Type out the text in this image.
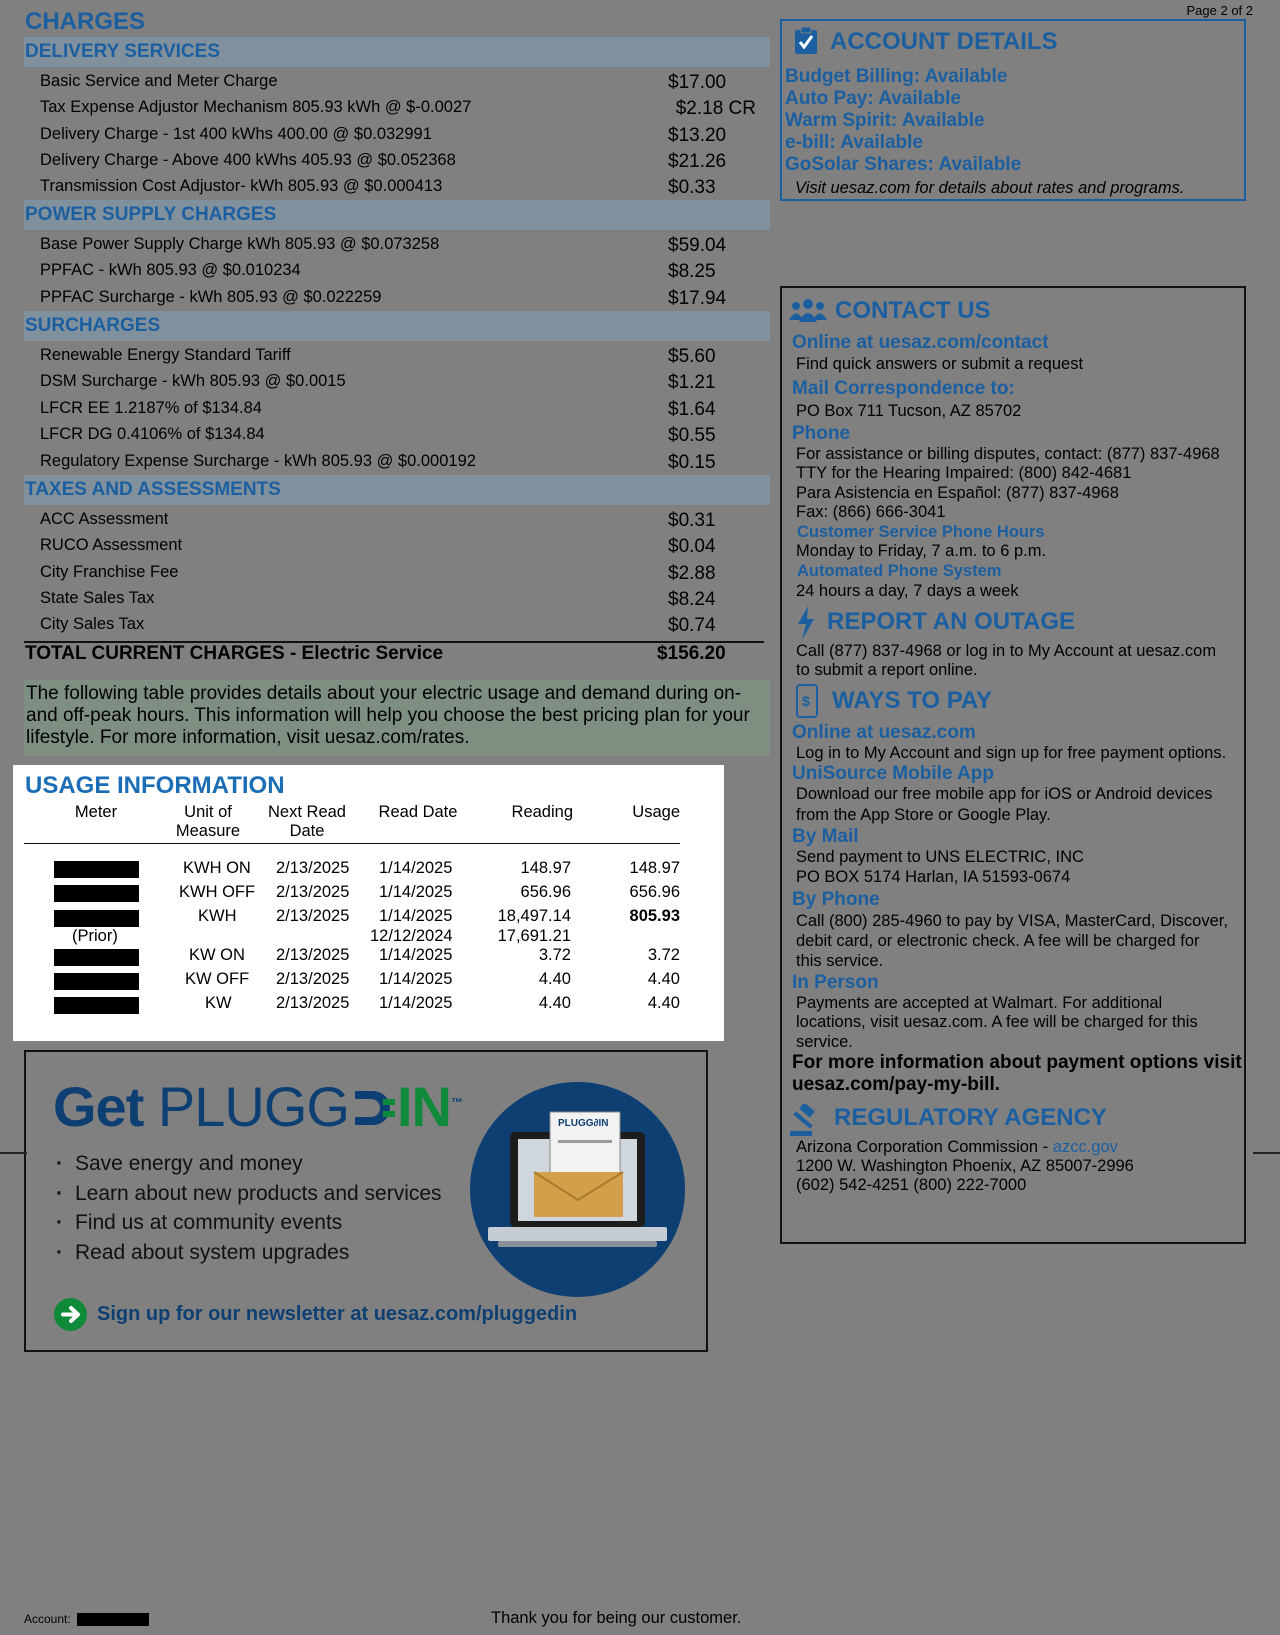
Page 2 of 2
CHARGES
DELIVERY SERVICES
Basic Service and Meter Charge	$17.00
Tax Expense Adjustor Mechanism 805.93 kWh @ $-0.0027	$2.18 CR
Delivery Charge - 1st 400 kWhs 400.00 @ $0.032991	$13.20
Delivery Charge - Above 400 kWhs 405.93 @ $0.052368	$21.26
Transmission Cost Adjustor- kWh 805.93 @ $0.000413	$0.33
POWER SUPPLY CHARGES
Base Power Supply Charge kWh 805.93 @ $0.073258	$59.04
PPFAC - kWh 805.93 @ $0.010234	$8.25
PPFAC Surcharge - kWh 805.93 @ $0.022259	$17.94
SURCHARGES
Renewable Energy Standard Tariff	$5.60
DSM Surcharge - kWh 805.93 @ $0.0015	$1.21
LFCR EE 1.2187% of $134.84	$1.64
LFCR DG 0.4106% of $134.84	$0.55
Regulatory Expense Surcharge - kWh 805.93 @ $0.000192	$0.15
TAXES AND ASSESSMENTS
ACC Assessment	$0.31
RUCO Assessment	$0.04
City Franchise Fee	$2.88
State Sales Tax	$8.24
City Sales Tax	$0.74
TOTAL CURRENT CHARGES - Electric Service	$156.20
The following table provides details about your electric usage and demand during on- and off-peak hours. This information will help you choose the best pricing plan for your lifestyle. For more information, visit uesaz.com/rates.
USAGE INFORMATION
Meter	Unit of
Measure
Next Read
Date
Read Date	Reading	Usage
KWH ON 2/13/2025 1/14/2025	148.97	148.97
KWH OFF 2/13/2025 1/14/2025	656.96	656.96
KWH 2/13/2025 1/14/2025	18,497.14	805.93
(Prior)	12/12/2024	17,691.21
KW ON 2/13/2025 1/14/2025	3.72	3.72
KW OFF 2/13/2025 1/14/2025	4.40	4.40
KW	2/13/2025 1/14/2025	4.40	4.40
Get PLUGG IN™
· Save energy and money
· Learn about new products and services
· Find us at community events
· Read about system upgrades
Sign up for our newsletter at uesaz.com/pluggedin
PLUGG∂IN
ACCOUNT DETAILS
Budget Billing: Available
Auto Pay: Available
Warm Spirit: Available
e-bill: Available
GoSolar Shares: Available
Visit uesaz.com for details about rates and programs.
CONTACT US
Online at uesaz.com/contact
Find quick answers or submit a request
Mail Correspondence to:
PO Box 711 Tucson, AZ 85702
Phone
For assistance or billing disputes, contact: (877) 837-4968
TTY for the Hearing Impaired: (800) 842-4681
Para Asistencia en Español: (877) 837-4968
Fax: (866) 666-3041
Customer Service Phone Hours
Monday to Friday, 7 a.m. to 6 p.m.
Automated Phone System
24 hours a day, 7 days a week
REPORT AN OUTAGE
Call (877) 837-4968 or log in to My Account at uesaz.com
to submit a report online.
$ WAYS TO PAY
Online at uesaz.com
Log in to My Account and sign up for free payment options.
UniSource Mobile App
Download our free mobile app for iOS or Android devices
from the App Store or Google Play.
By Mail
Send payment to UNS ELECTRIC, INC
PO BOX 5174 Harlan, IA 51593-0674
By Phone
Call (800) 285-4960 to pay by VISA, MasterCard, Discover,
debit card, or electronic check. A fee will be charged for
this service.
In Person
Payments are accepted at Walmart. For additional
locations, visit uesaz.com. A fee will be charged for this
service.
For more information about payment options visit
uesaz.com/pay-my-bill.
REGULATORY AGENCY
Arizona Corporation Commission - azcc.gov
1200 W. Washington Phoenix, AZ 85007-2996
(602) 542-4251 (800) 222-7000
Account:	Thank you for being our customer.
